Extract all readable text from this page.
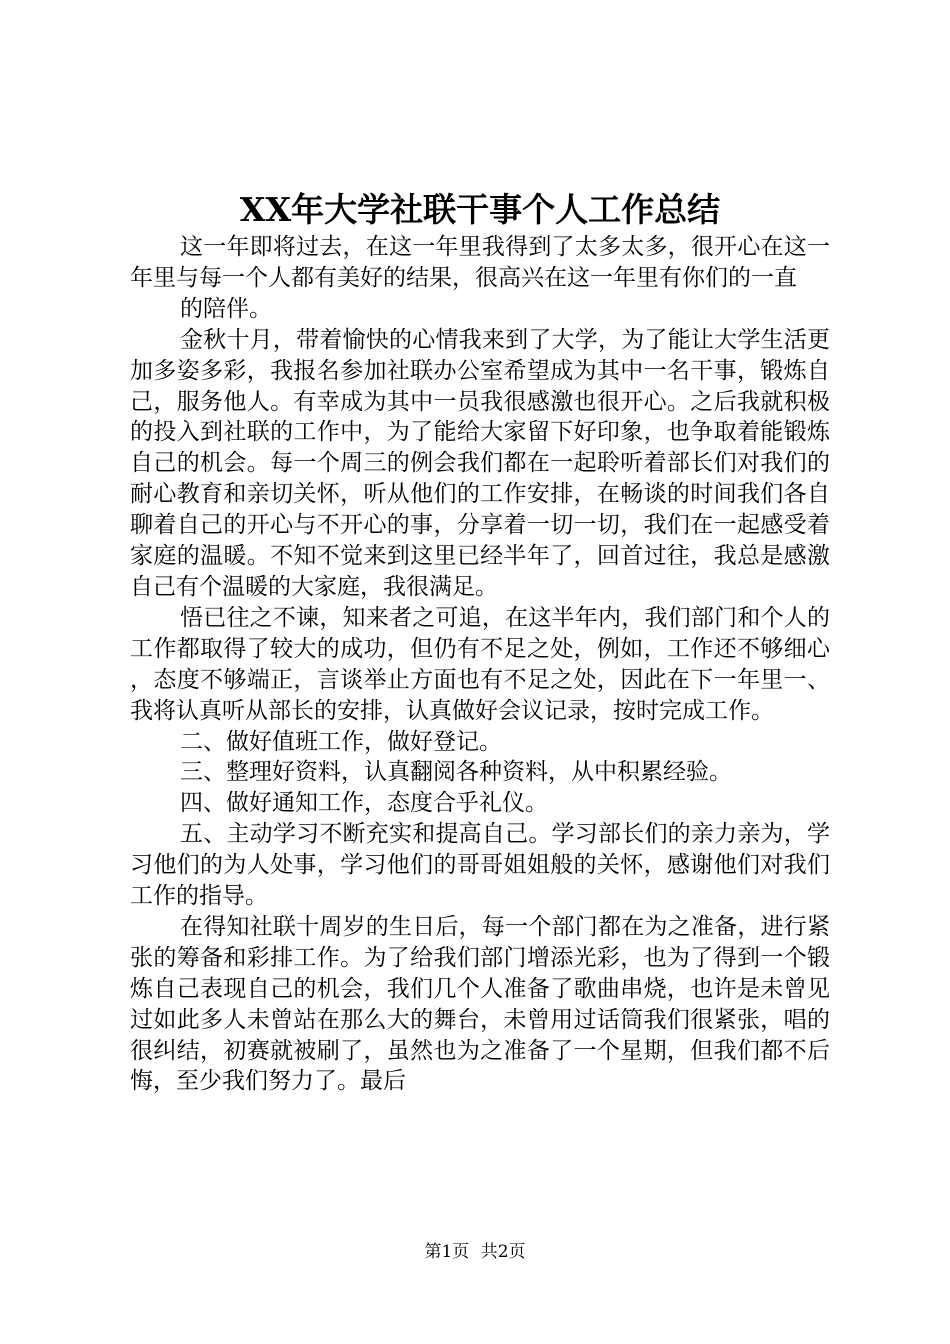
XX年大学社联干事个人工作总结

这一年即将过去，在这一年里我得到了太多太多，很开心在这一年里与每一个人都有美好的结果，很高兴在这一年里有你们的一直

的陪伴。

金秋十月，带着愉快的心情我来到了大学，为了能让大学生活更加多姿多彩，我报名参加社联办公室希望成为其中一名干事，锻炼自己，服务他人。有幸成为其中一员我很感激也很开心。之后我就积极的投入到社联的工作中，为了能给大家留下好印象，也争取着能锻炼自己的机会。每一个周三的例会我们都在一起聆听着部长们对我们的耐心教育和亲切关怀，听从他们的工作安排，在畅谈的时间我们各自聊着自己的开心与不开心的事，分享着一切一切，我们在一起感受着家庭的温暖。不知不觉来到这里已经半年了，回首过往，我总是感激自己有个温暖的大家庭，我很满足。

悟已往之不谏，知来者之可追，在这半年内，我们部门和个人的工作都取得了较大的成功，但仍有不足之处，例如，工作还不够细心，态度不够端正，言谈举止方面也有不足之处，因此在下一年里一、我将认真听从部长的安排，认真做好会议记录，按时完成工作。

二、做好值班工作，做好登记。

三、整理好资料，认真翻阅各种资料，从中积累经验。

四、做好通知工作，态度合乎礼仪。

五、主动学习不断充实和提高自己。学习部长们的亲力亲为，学习他们的为人处事，学习他们的哥哥姐姐般的关怀，感谢他们对我们工作的指导。

在得知社联十周岁的生日后，每一个部门都在为之准备，进行紧张的筹备和彩排工作。为了给我们部门增添光彩，也为了得到一个锻炼自己表现自己的机会，我们几个人准备了歌曲串烧，也许是未曾见过如此多人未曾站在那么大的舞台，未曾用过话筒我们很紧张，唱的很纠结，初赛就被刷了，虽然也为之准备了一个星期，但我们都不后悔，至少我们努力了。最后

第1页 共2页
